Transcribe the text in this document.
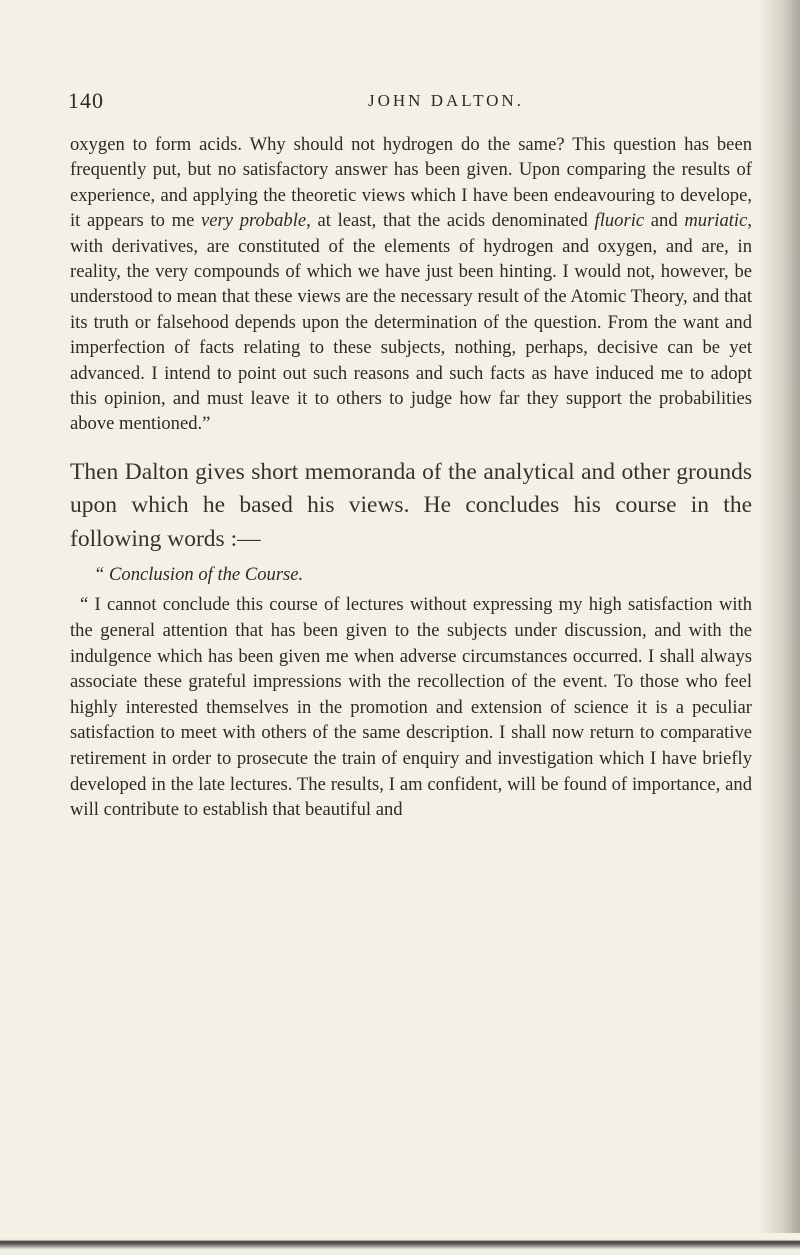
140	JOHN DALTON.

oxygen to form acids. Why should not hydrogen do the same? This question has been frequently put, but no satisfactory answer has been given. Upon comparing the results of experience, and applying the theoretic views which I have been endeavouring to develope, it appears to me very probable, at least, that the acids denominated fluoric and muriatic, with derivatives, are constituted of the elements of hydrogen and oxygen, and are, in reality, the very compounds of which we have just been hinting. I would not, however, be understood to mean that these views are the necessary result of the Atomic Theory, and that its truth or falsehood depends upon the determination of the question. From the want and imperfection of facts relating to these subjects, nothing, perhaps, decisive can be yet advanced. I intend to point out such reasons and such facts as have induced me to adopt this opinion, and must leave it to others to judge how far they support the probabilities above mentioned.”

Then Dalton gives short memoranda of the analytical and other grounds upon which he based his views. He concludes his course in the following words :—

“ Conclusion of the Course.

“ I cannot conclude this course of lectures without expressing my high satisfaction with the general attention that has been given to the subjects under discussion, and with the indulgence which has been given me when adverse circumstances occurred. I shall always associate these grateful impressions with the recollection of the event. To those who feel highly interested themselves in the promotion and extension of science it is a peculiar satisfaction to meet with others of the same description. I shall now return to comparative retirement in order to prosecute the train of enquiry and investigation which I have briefly developed in the late lectures. The results, I am confident, will be found of importance, and will contribute to establish that beautiful and
